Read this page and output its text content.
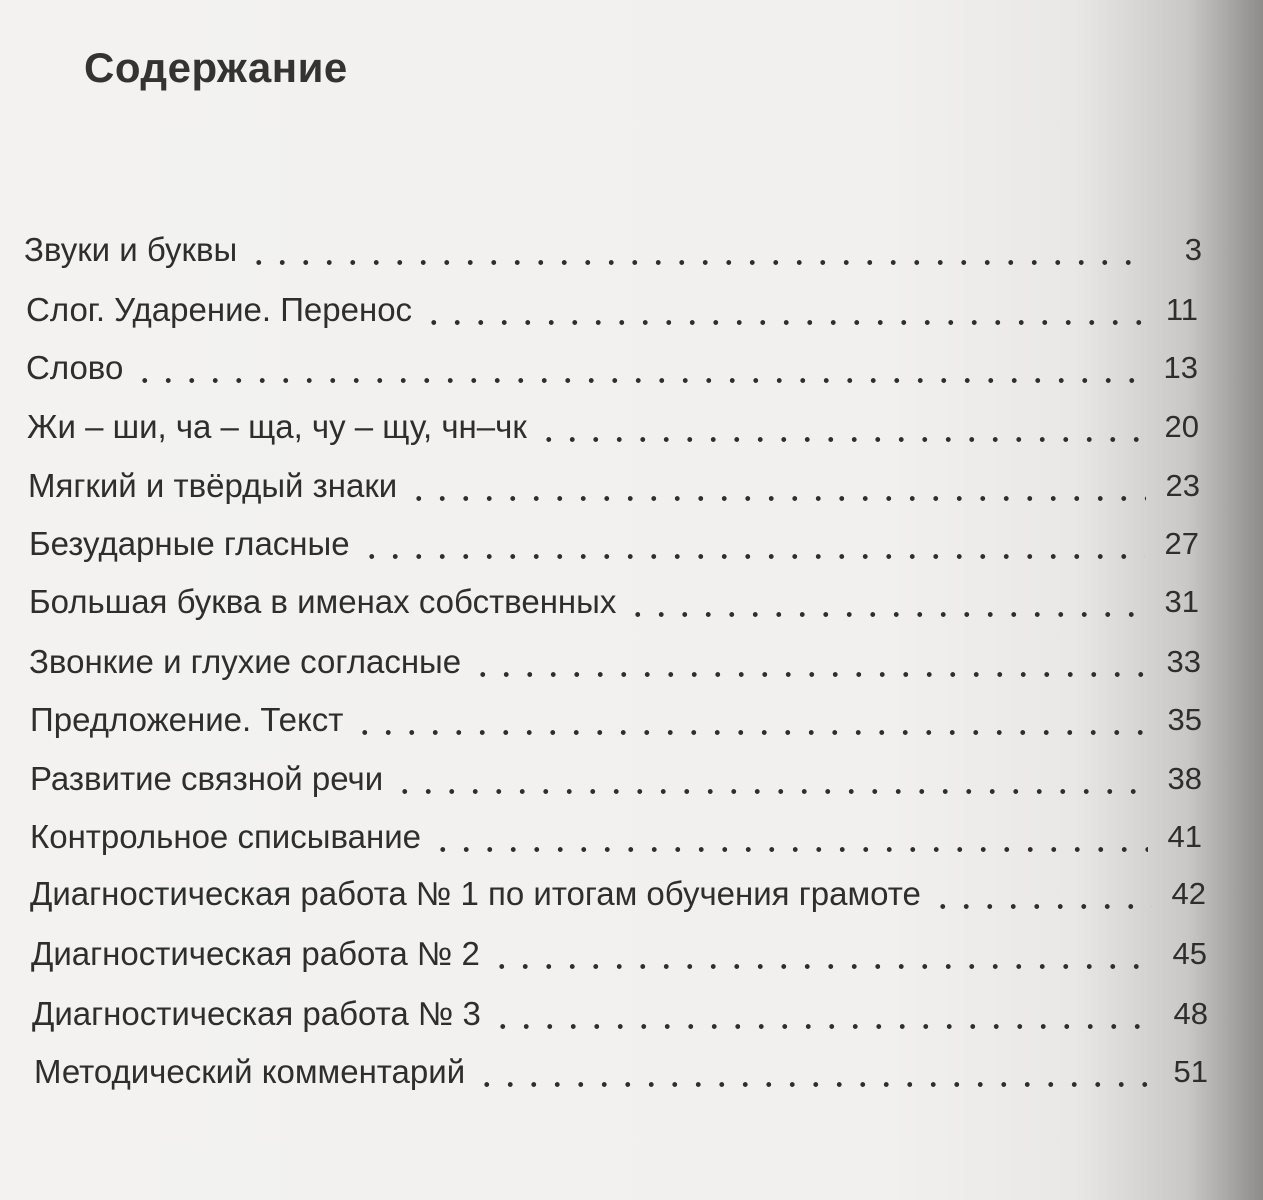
Содержание
Звуки и буквы	3
Слог. Ударение. Перенос	11
Слово	13
Жи – ши, ча – ща, чу – щу, чн–чк	20
Мягкий и твёрдый знаки	23
Безударные гласные	27
Большая буква в именах собственных	31
Звонкие и глухие согласные	33
Предложение. Текст	35
Развитие связной речи	38
Контрольное списывание	41
Диагностическая работа № 1 по итогам обучения грамоте	42
Диагностическая работа № 2	45
Диагностическая работа № 3	48
Методический комментарий	51
